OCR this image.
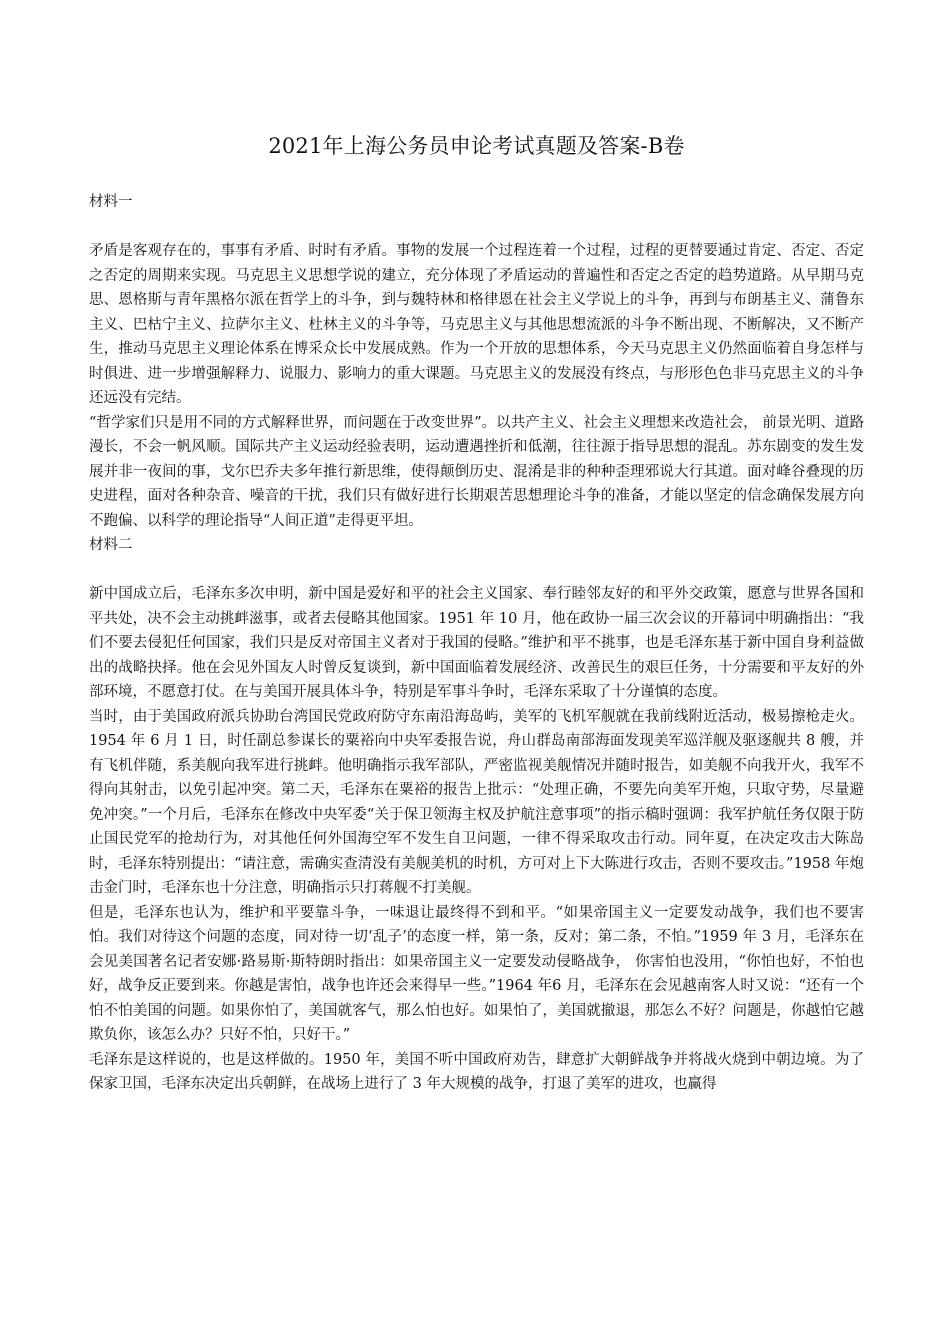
2021年上海公务员申论考试真题及答案-B卷

材料一

矛盾是客观存在的，事事有矛盾、时时有矛盾。事物的发展一个过程连着一个过程，过程的更替要通过肯定、否定、否定之否定的周期来实现。马克思主义思想学说的建立，充分体现了矛盾运动的普遍性和否定之否定的趋势道路。从早期马克思、恩格斯与青年黑格尔派在哲学上的斗争，到与魏特林和格律恩在社会主义学说上的斗争，再到与布朗基主义、蒲鲁东主义、巴枯宁主义、拉萨尔主义、杜林主义的斗争等，马克思主义与其他思想流派的斗争不断出现、不断解决，又不断产生，推动马克思主义理论体系在博采众长中发展成熟。作为一个开放的思想体系，今天马克思主义仍然面临着自身怎样与时俱进、进一步增强解释力、说服力、影响力的重大课题。马克思主义的发展没有终点，与形形色色非马克思主义的斗争还远没有完结。

“哲学家们只是用不同的方式解释世界，而问题在于改变世界”。以共产主义、社会主义理想来改造社会， 前景光明、道路漫长，不会一帆风顺。国际共产主义运动经验表明，运动遭遇挫折和低潮，往往源于指导思想的混乱。苏东剧变的发生发展并非一夜间的事，戈尔巴乔夫多年推行新思维，使得颠倒历史、混淆是非的种种歪理邪说大行其道。面对峰谷叠现的历史进程，面对各种杂音、噪音的干扰，我们只有做好进行长期艰苦思想理论斗争的准备，才能以坚定的信念确保发展方向不跑偏、以科学的理论指导“人间正道”走得更平坦。

材料二

新中国成立后，毛泽东多次申明，新中国是爱好和平的社会主义国家、奉行睦邻友好的和平外交政策，愿意与世界各国和平共处，决不会主动挑衅滋事，或者去侵略其他国家。1951 年 10 月，他在政协一届三次会议的开幕词中明确指出：“我们不要去侵犯任何国家，我们只是反对帝国主义者对于我国的侵略。”维护和平不挑事，也是毛泽东基于新中国自身利益做出的战略抉择。他在会见外国友人时曾反复谈到，新中国面临着发展经济、改善民生的艰巨任务，十分需要和平友好的外部环境，不愿意打仗。在与美国开展具体斗争，特别是军事斗争时，毛泽东采取了十分谨慎的态度。

当时，由于美国政府派兵协助台湾国民党政府防守东南沿海岛屿，美军的飞机军舰就在我前线附近活动，极易擦枪走火。1954 年 6 月 1 日，时任副总参谋长的粟裕向中央军委报告说，舟山群岛南部海面发现美军巡洋舰及驱逐舰共 8 艘，并有飞机伴随，系美舰向我军进行挑衅。他明确指示我军部队，严密监视美舰情况并随时报告，如美舰不向我开火，我军不得向其射击，以免引起冲突。第二天，毛泽东在粟裕的报告上批示：“处理正确，不要先向美军开炮，只取守势，尽量避免冲突。”一个月后，毛泽东在修改中央军委“关于保卫领海主权及护航注意事项”的指示稿时强调：我军护航任务仅限于防止国民党军的抢劫行为，对其他任何外国海空军不发生自卫问题，一律不得采取攻击行动。同年夏，在决定攻击大陈岛时，毛泽东特别提出：“请注意，需确实查清没有美舰美机的时机，方可对上下大陈进行攻击，否则不要攻击。”1958 年炮击金门时，毛泽东也十分注意，明确指示只打蒋舰不打美舰。

但是，毛泽东也认为，维护和平要靠斗争，一味退让最终得不到和平。“如果帝国主义一定要发动战争，我们也不要害怕。我们对待这个问题的态度，同对待一切‘乱子’的态度一样，第一条，反对；第二条，不怕。”1959 年 3 月，毛泽东在会见美国著名记者安娜·路易斯·斯特朗时指出：如果帝国主义一定要发动侵略战争， 你害怕也没用，“你怕也好，不怕也好，战争反正要到来。你越是害怕，战争也许还会来得早一些。”1964 年6 月，毛泽东在会见越南客人时又说：“还有一个怕不怕美国的问题。如果你怕了，美国就客气，那么怕也好。如果怕了，美国就撤退，那怎么不好？问题是，你越怕它越欺负你，该怎么办？只好不怕，只好干。”

毛泽东是这样说的，也是这样做的。1950 年，美国不听中国政府劝告，肆意扩大朝鲜战争并将战火烧到中朝边境。为了保家卫国，毛泽东决定出兵朝鲜，在战场上进行了 3 年大规模的战争，打退了美军的进攻，也赢得
